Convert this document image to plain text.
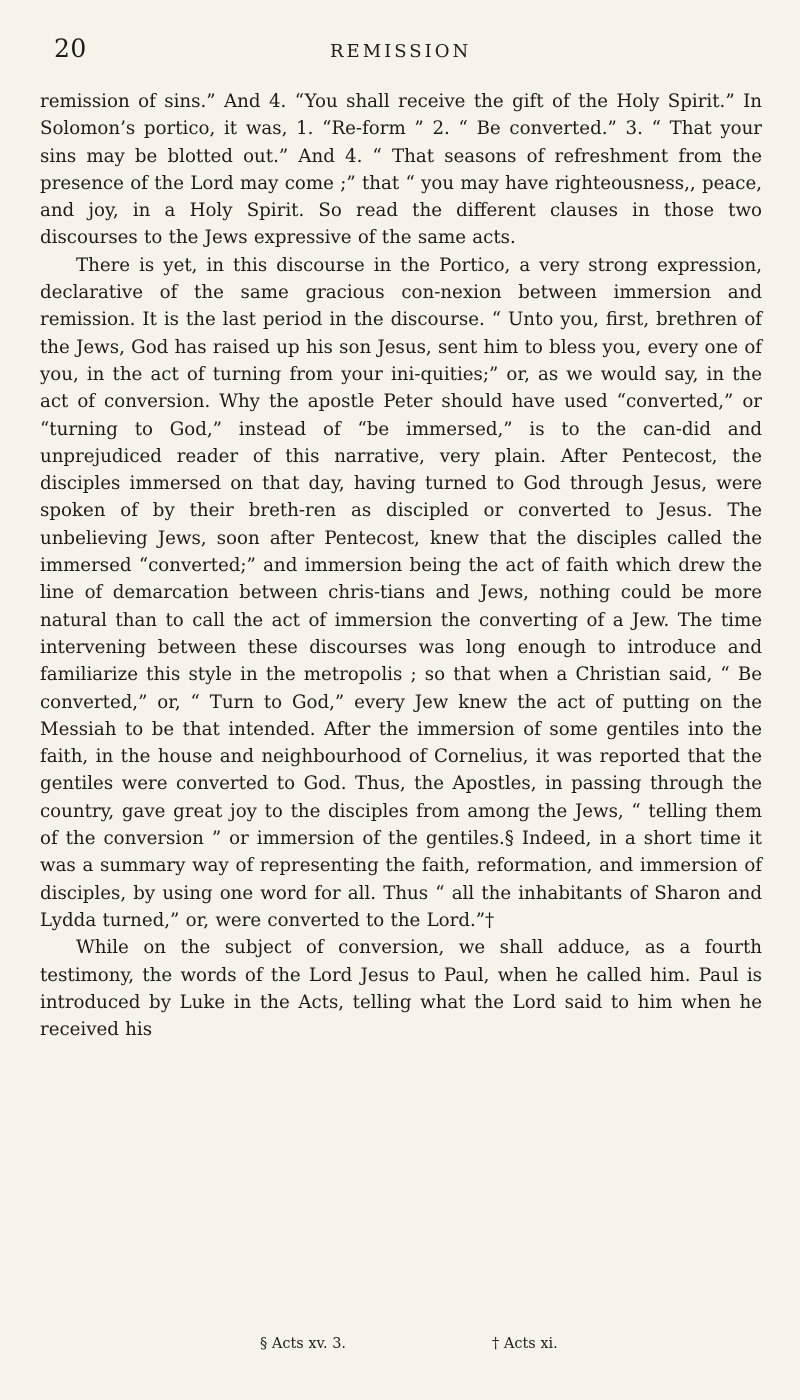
20	REMISSION

remission of sins.” And 4. “You shall receive the gift of the Holy Spirit.” In Solomon’s portico, it was, 1. “Re-form ” 2. “ Be converted.” 3. “ That your sins may be blotted out.” And 4. “ That seasons of refreshment from the presence of the Lord may come ;” that “ you may have righteousness,, peace, and joy, in a Holy Spirit. So read the different clauses in those two discourses to the Jews expressive of the same acts.

There is yet, in this discourse in the Portico, a very strong expression, declarative of the same gracious con-nexion between immersion and remission. It is the last period in the discourse. “ Unto you, first, brethren of the Jews, God has raised up his son Jesus, sent him to bless you, every one of you, in the act of turning from your ini-quities;” or, as we would say, in the act of conversion. Why the apostle Peter should have used “converted,” or “turning to God,” instead of “be immersed,” is to the can-did and unprejudiced reader of this narrative, very plain. After Pentecost, the disciples immersed on that day, having turned to God through Jesus, were spoken of by their breth-ren as discipled or converted to Jesus. The unbelieving Jews, soon after Pentecost, knew that the disciples called the immersed “converted;” and immersion being the act of faith which drew the line of demarcation between chris-tians and Jews, nothing could be more natural than to call the act of immersion the converting of a Jew. The time intervening between these discourses was long enough to introduce and familiarize this style in the metropolis ; so that when a Christian said, “ Be converted,” or, “ Turn to God,” every Jew knew the act of putting on the Messiah to be that intended. After the immersion of some gentiles into the faith, in the house and neighbourhood of Cornelius, it was reported that the gentiles were converted to God. Thus, the Apostles, in passing through the country, gave great joy to the disciples from among the Jews, “ telling them of the conversion ” or immersion of the gentiles.§ Indeed, in a short time it was a summary way of representing the faith, reformation, and immersion of disciples, by using one word for all. Thus “ all the inhabitants of Sharon and Lydda turned,” or, were converted to the Lord.”†

While on the subject of conversion, we shall adduce, as a fourth testimony, the words of the Lord Jesus to Paul, when he called him. Paul is introduced by Luke in the Acts, telling what the Lord said to him when he received his

§ Acts xv. 3.	† Acts xi.
